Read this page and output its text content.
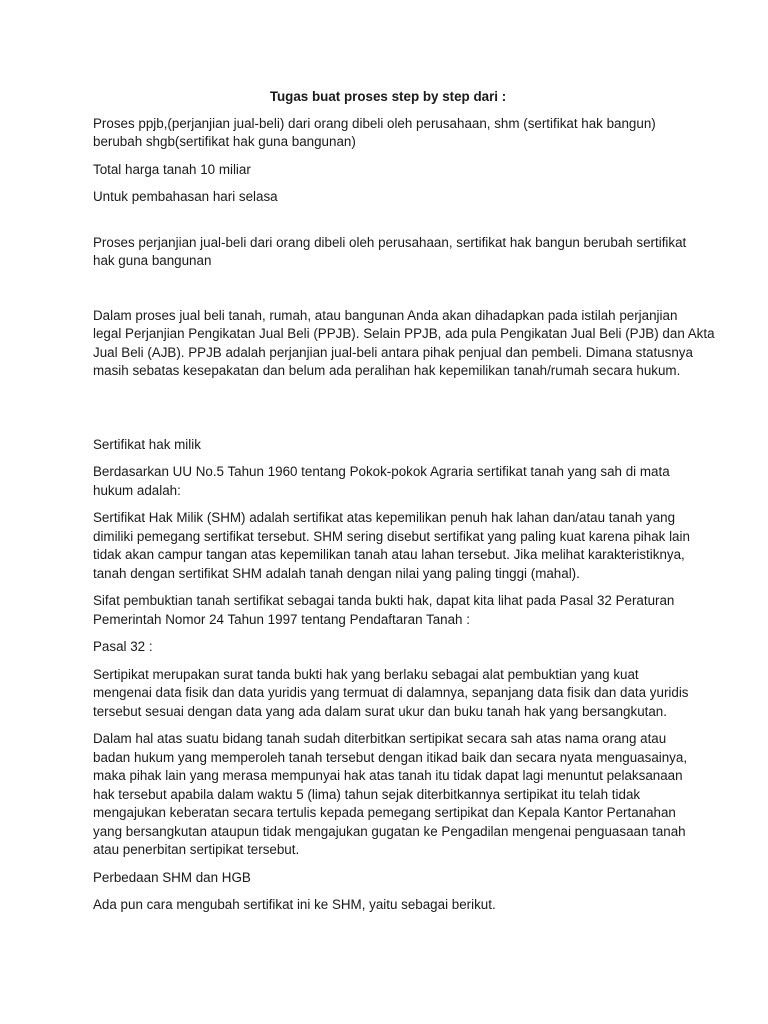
Tugas buat proses step by step dari :

Proses ppjb,(perjanjian jual-beli) dari orang dibeli oleh perusahaan, shm (sertifikat hak bangun)
berubah shgb(sertifikat hak guna bangunan)

Total harga tanah 10 miliar

Untuk pembahasan hari selasa

Proses perjanjian jual-beli dari orang dibeli oleh perusahaan, sertifikat hak bangun berubah sertifikat
hak guna bangunan

Dalam proses jual beli tanah, rumah, atau bangunan Anda akan dihadapkan pada istilah perjanjian
legal Perjanjian Pengikatan Jual Beli (PPJB). Selain PPJB, ada pula Pengikatan Jual Beli (PJB) dan Akta
Jual Beli (AJB). PPJB adalah perjanjian jual-beli antara pihak penjual dan pembeli. Dimana statusnya
masih sebatas kesepakatan dan belum ada peralihan hak kepemilikan tanah/rumah secara hukum.

Sertifikat hak milik

Berdasarkan UU No.5 Tahun 1960 tentang Pokok-pokok Agraria sertifikat tanah yang sah di mata
hukum adalah:

Sertifikat Hak Milik (SHM) adalah sertifikat atas kepemilikan penuh hak lahan dan/atau tanah yang
dimiliki pemegang sertifikat tersebut. SHM sering disebut sertifikat yang paling kuat karena pihak lain
tidak akan campur tangan atas kepemilikan tanah atau lahan tersebut. Jika melihat karakteristiknya,
tanah dengan sertifikat SHM adalah tanah dengan nilai yang paling tinggi (mahal).

Sifat pembuktian tanah sertifikat sebagai tanda bukti hak, dapat kita lihat pada Pasal 32 Peraturan
Pemerintah Nomor 24 Tahun 1997 tentang Pendaftaran Tanah :

Pasal 32 :

Sertipikat merupakan surat tanda bukti hak yang berlaku sebagai alat pembuktian yang kuat
mengenai data fisik dan data yuridis yang termuat di dalamnya, sepanjang data fisik dan data yuridis
tersebut sesuai dengan data yang ada dalam surat ukur dan buku tanah hak yang bersangkutan.

Dalam hal atas suatu bidang tanah sudah diterbitkan sertipikat secara sah atas nama orang atau
badan hukum yang memperoleh tanah tersebut dengan itikad baik dan secara nyata menguasainya,
maka pihak lain yang merasa mempunyai hak atas tanah itu tidak dapat lagi menuntut pelaksanaan
hak tersebut apabila dalam waktu 5 (lima) tahun sejak diterbitkannya sertipikat itu telah tidak
mengajukan keberatan secara tertulis kepada pemegang sertipikat dan Kepala Kantor Pertanahan
yang bersangkutan ataupun tidak mengajukan gugatan ke Pengadilan mengenai penguasaan tanah
atau penerbitan sertipikat tersebut.

Perbedaan SHM dan HGB

Ada pun cara mengubah sertifikat ini ke SHM, yaitu sebagai berikut.
